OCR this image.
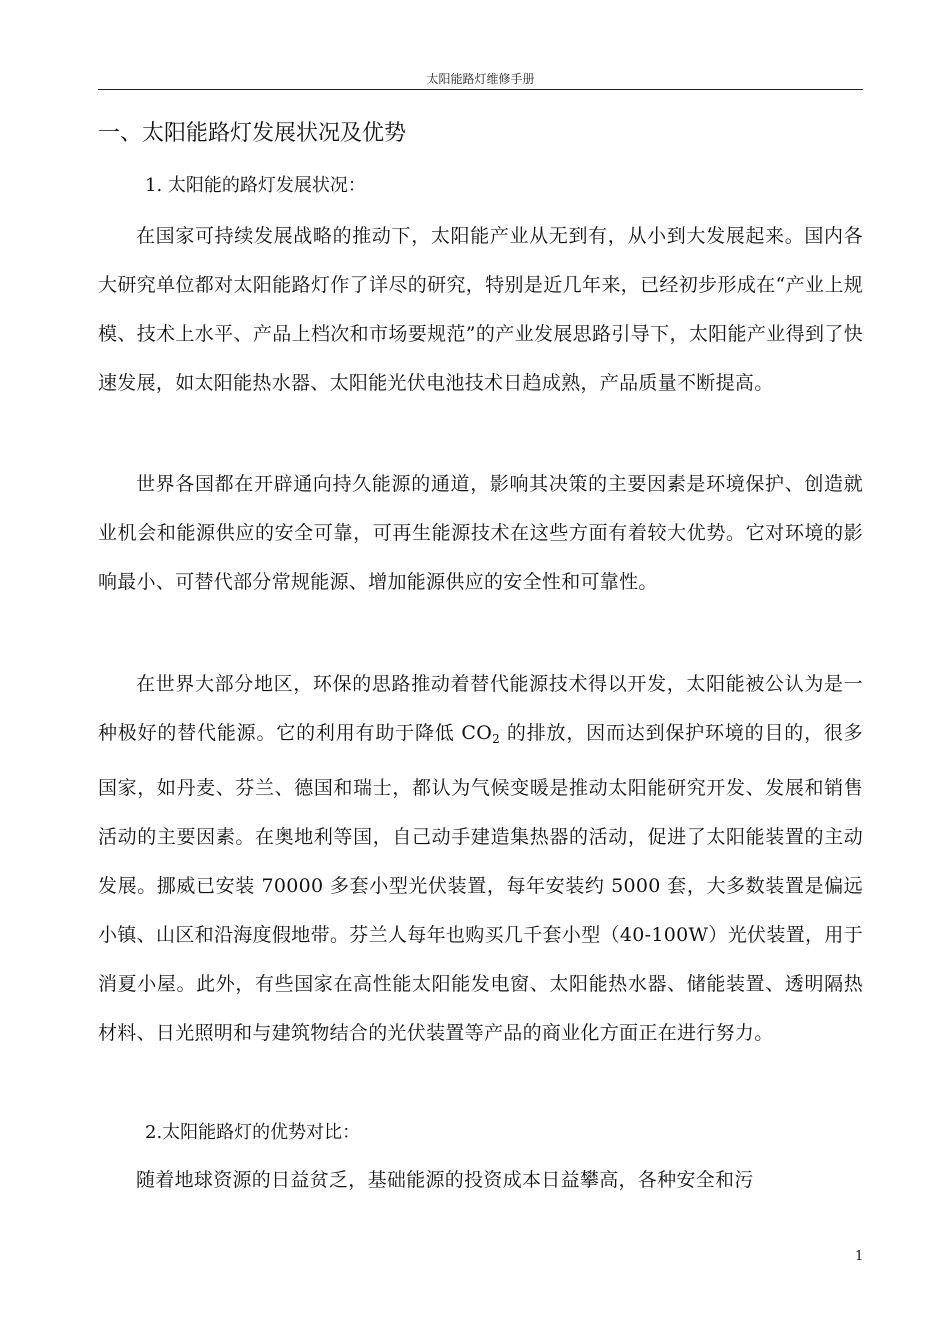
太阳能路灯维修手册
一、太阳能路灯发展状况及优势

1. 太阳能的路灯发展状况：

在国家可持续发展战略的推动下，太阳能产业从无到有，从小到大发展起来。国内各大研究单位都对太阳能路灯作了详尽的研究，特别是近几年来，已经初步形成在“产业上规模、技术上水平、产品上档次和市场要规范”的产业发展思路引导下，太阳能产业得到了快速发展，如太阳能热水器、太阳能光伏电池技术日趋成熟，产品质量不断提高。

世界各国都在开辟通向持久能源的通道，影响其决策的主要因素是环境保护、创造就业机会和能源供应的安全可靠，可再生能源技术在这些方面有着较大优势。它对环境的影响最小、可替代部分常规能源、增加能源供应的安全性和可靠性。

在世界大部分地区，环保的思路推动着替代能源技术得以开发，太阳能被公认为是一种极好的替代能源。它的利用有助于降低 $CO_2$ 的排放，因而达到保护环境的目的，很多国家，如丹麦、芬兰、德国和瑞士，都认为气候变暖是推动太阳能研究开发、发展和销售活动的主要因素。在奥地利等国，自己动手建造集热器的活动，促进了太阳能装置的主动发展。挪威已安装 70000 多套小型光伏装置，每年安装约 5000 套，大多数装置是偏远小镇、山区和沿海度假地带。芬兰人每年也购买几千套小型（40-100W）光伏装置，用于消夏小屋。此外，有些国家在高性能太阳能发电窗、太阳能热水器、储能装置、透明隔热材料、日光照明和与建筑物结合的光伏装置等产品的商业化方面正在进行努力。

2.太阳能路灯的优势对比：

随着地球资源的日益贫乏，基础能源的投资成本日益攀高，各种安全和污

1
